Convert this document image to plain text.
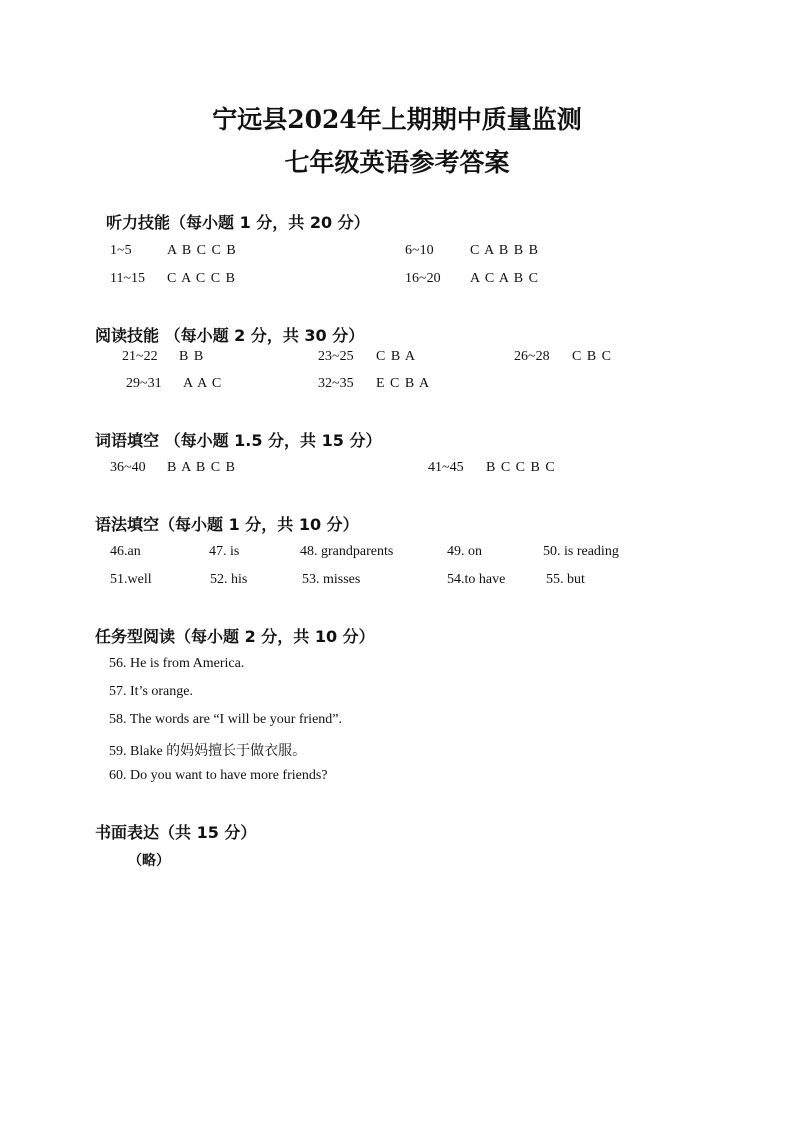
宁远县2024年上期期中质量监测
七年级英语参考答案
听力技能（每小题 1 分，共 20 分）
1~5	A B C C B	6~10	C A B B B
11~15 C A C C B	16~20 A C A B C
阅读技能 （每小题 2 分，共 30 分）
21~22 B B	23~25 C B A	26~28 C B C
29~31 A A C	32~35 E C B A
词语填空 （每小题 1.5 分，共 15 分）
36~40 B A B C B	41~45 B C C B C
语法填空（每小题 1 分，共 10 分）
46.an	47. is	48. grandparents	49. on	50. is reading
51.well	52. his	53. misses	54.to have	55. but
任务型阅读（每小题 2 分，共 10 分）
56. He is from America.
57. It’s orange.
58. The words are “I will be your friend”.
59. Blake 的妈妈擅长于做衣服。
60. Do you want to have more friends?
书面表达（共 15 分）
（略）
